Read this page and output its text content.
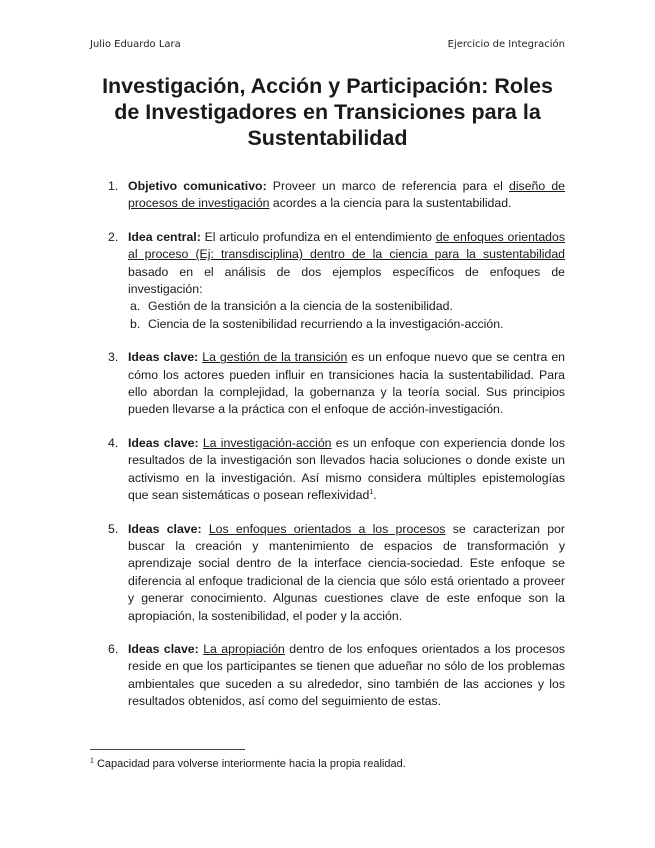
Julio Eduardo Lara	Ejercicio de Integración
Investigación, Acción y Participación: Roles de Investigadores en Transiciones para la Sustentabilidad
1. Objetivo comunicativo: Proveer un marco de referencia para el diseño de procesos de investigación acordes a la ciencia para la sustentabilidad.
2. Idea central: El articulo profundiza en el entendimiento de enfoques orientados al proceso (Ej: transdisciplina) dentro de la ciencia para la sustentabilidad basado en el análisis de dos ejemplos específicos de enfoques de investigación:
a. Gestión de la transición a la ciencia de la sostenibilidad.
b. Ciencia de la sostenibilidad recurriendo a la investigación-acción.
3. Ideas clave: La gestión de la transición es un enfoque nuevo que se centra en cómo los actores pueden influir en transiciones hacia la sustentabilidad. Para ello abordan la complejidad, la gobernanza y la teoría social. Sus principios pueden llevarse a la práctica con el enfoque de acción-investigación.
4. Ideas clave: La investigación-acción es un enfoque con experiencia donde los resultados de la investigación son llevados hacia soluciones o donde existe un activismo en la investigación. Así mismo considera múltiples epistemologías que sean sistemáticas o posean reflexividad$^1$.
5. Ideas clave: Los enfoques orientados a los procesos se caracterizan por buscar la creación y mantenimiento de espacios de transformación y aprendizaje social dentro de la interface ciencia-sociedad. Este enfoque se diferencia al enfoque tradicional de la ciencia que sólo está orientado a proveer y generar conocimiento. Algunas cuestiones clave de este enfoque son la apropiación, la sostenibilidad, el poder y la acción.
6. Ideas clave: La apropiación dentro de los enfoques orientados a los procesos reside en que los participantes se tienen que adueñar no sólo de los problemas ambientales que suceden a su alrededor, sino también de las acciones y los resultados obtenidos, así como del seguimiento de estas.
$^1$ Capacidad para volverse interiormente hacia la propia realidad.
